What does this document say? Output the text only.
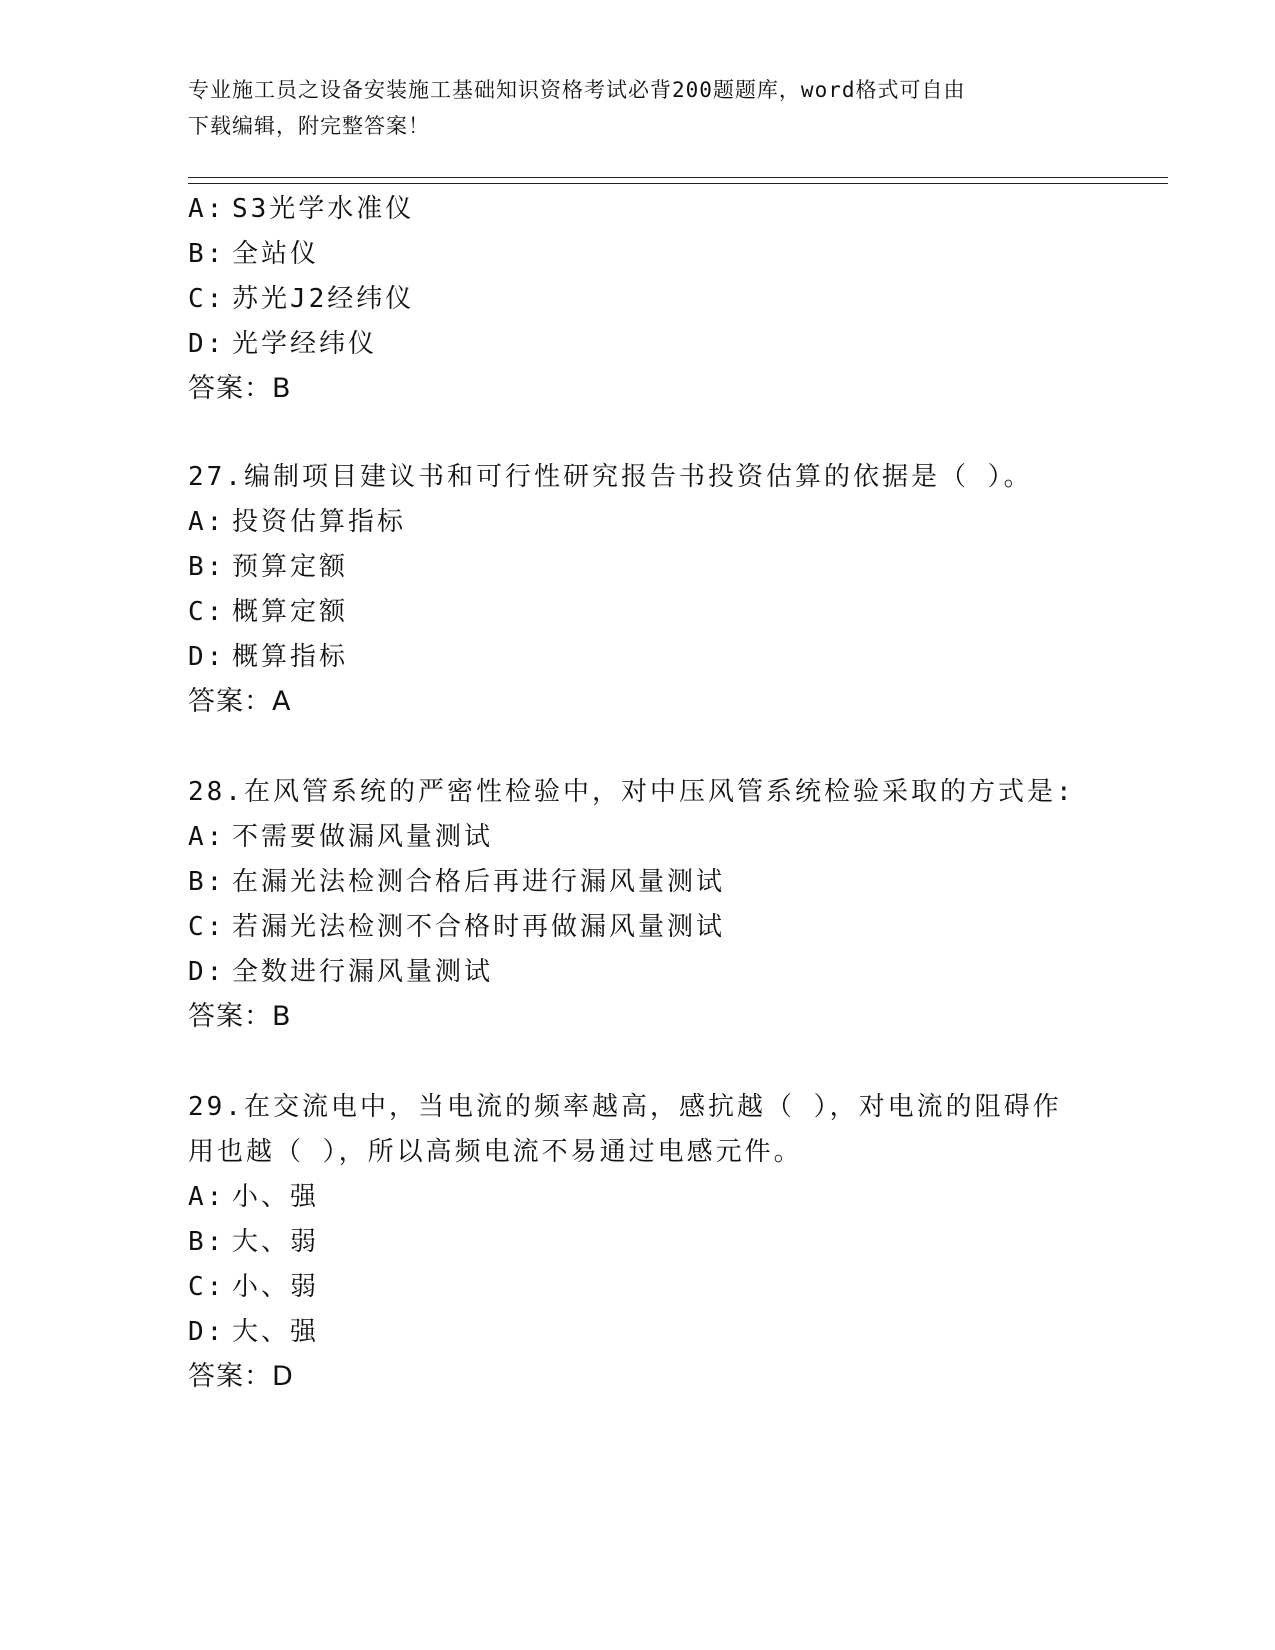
专业施工员之设备安装施工基础知识资格考试必背200题题库，word格式可自由
下载编辑，附完整答案！
A: S3光学水准仪
B: 全站仪
C: 苏光J2经纬仪
D: 光学经纬仪
答案：B
27.编制项目建议书和可行性研究报告书投资估算的依据是（ ）。
A: 投资估算指标
B: 预算定额
C: 概算定额
D: 概算指标
答案：A
28.在风管系统的严密性检验中，对中压风管系统检验采取的方式是:
A: 不需要做漏风量测试
B: 在漏光法检测合格后再进行漏风量测试
C: 若漏光法检测不合格时再做漏风量测试
D: 全数进行漏风量测试
答案：B
29.在交流电中，当电流的频率越高，感抗越（ ），对电流的阻碍作
用也越（ ），所以高频电流不易通过电感元件。
A: 小、强
B: 大、弱
C: 小、弱
D: 大、强
答案：D
